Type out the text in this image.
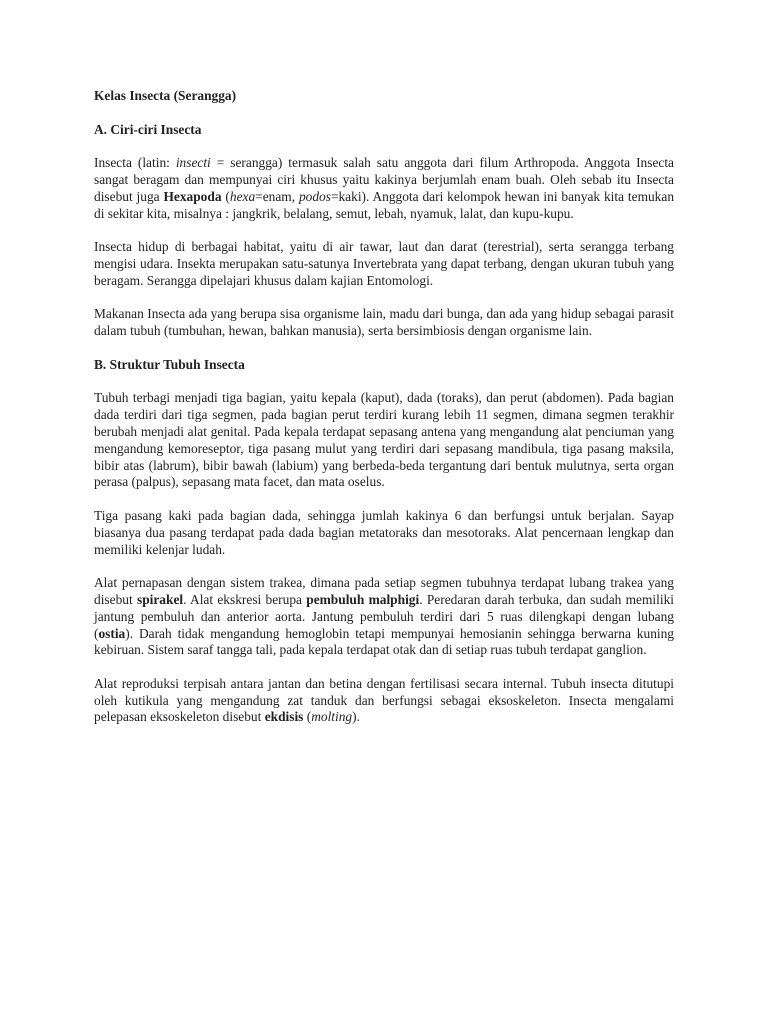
Kelas Insecta (Serangga)

A. Ciri-ciri Insecta

Insecta (latin: insecti = serangga) termasuk salah satu anggota dari filum Arthropoda. Anggota Insecta sangat beragam dan mempunyai ciri khusus yaitu kakinya berjumlah enam buah. Oleh sebab itu Insecta disebut juga Hexapoda (hexa=enam, podos=kaki). Anggota dari kelompok hewan ini banyak kita temukan di sekitar kita, misalnya : jangkrik, belalang, semut, lebah, nyamuk, lalat, dan kupu-kupu.

Insecta hidup di berbagai habitat, yaitu di air tawar, laut dan darat (terestrial), serta serangga terbang mengisi udara. Insekta merupakan satu-satunya Invertebrata yang dapat terbang, dengan ukuran tubuh yang beragam. Serangga dipelajari khusus dalam kajian Entomologi.

Makanan Insecta ada yang berupa sisa organisme lain, madu dari bunga, dan ada yang hidup sebagai parasit dalam tubuh (tumbuhan, hewan, bahkan manusia), serta bersimbiosis dengan organisme lain.

B. Struktur Tubuh Insecta

Tubuh terbagi menjadi tiga bagian, yaitu kepala (kaput), dada (toraks), dan perut (abdomen). Pada bagian dada terdiri dari tiga segmen, pada bagian perut terdiri kurang lebih 11 segmen, dimana segmen terakhir berubah menjadi alat genital. Pada kepala terdapat sepasang antena yang mengandung alat penciuman yang mengandung kemoreseptor, tiga pasang mulut yang terdiri dari sepasang mandibula, tiga pasang maksila, bibir atas (labrum), bibir bawah (labium) yang berbeda-beda tergantung dari bentuk mulutnya, serta organ perasa (palpus), sepasang mata facet, dan mata oselus.

Tiga pasang kaki pada bagian dada, sehingga jumlah kakinya 6 dan berfungsi untuk berjalan. Sayap biasanya dua pasang terdapat pada dada bagian metatoraks dan mesotoraks. Alat pencernaan lengkap dan memiliki kelenjar ludah.

Alat pernapasan dengan sistem trakea, dimana pada setiap segmen tubuhnya terdapat lubang trakea yang disebut spirakel. Alat ekskresi berupa pembuluh malphigi. Peredaran darah terbuka, dan sudah memiliki jantung pembuluh dan anterior aorta. Jantung pembuluh terdiri dari 5 ruas dilengkapi dengan lubang (ostia). Darah tidak mengandung hemoglobin tetapi mempunyai hemosianin sehingga berwarna kuning kebiruan. Sistem saraf tangga tali, pada kepala terdapat otak dan di setiap ruas tubuh terdapat ganglion.

Alat reproduksi terpisah antara jantan dan betina dengan fertilisasi secara internal. Tubuh insecta ditutupi oleh kutikula yang mengandung zat tanduk dan berfungsi sebagai eksoskeleton. Insecta mengalami pelepasan eksoskeleton disebut ekdisis (molting).
